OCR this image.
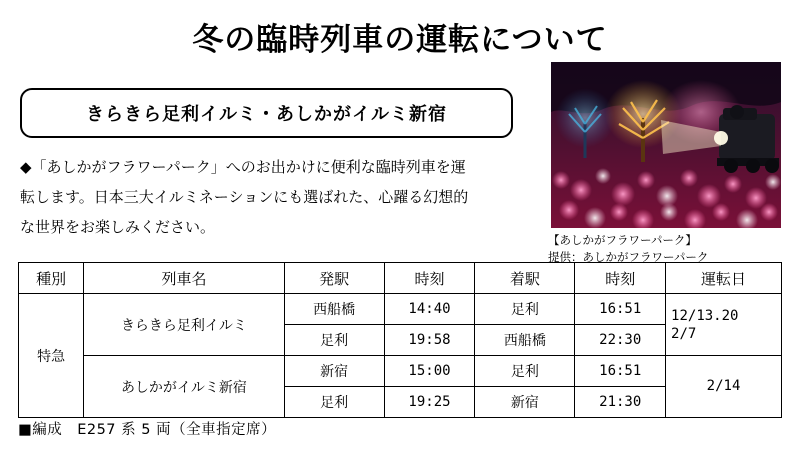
冬の臨時列車の運転について
きらきら足利イルミ・あしかがイルミ新宿
◆「あしかがフラワーパーク」へのお出かけに便利な臨時列車を運
転します。日本三大イルミネーションにも選ばれた、心躍る幻想的
な世界をお楽しみください。
【あしかがフラワーパーク】
提供：あしかがフラワーパーク
種別	列車名	発駅	時刻	着駅	時刻	運転日
特急	きらきら足利イルミ	西船橋	14:40	足利	16:51	12/13.20
2/7

		足利	19:58	西船橋	22:30	
	あしかがイルミ新宿	新宿	15:00	足利	16:51	2/14
		足利	19:25	新宿	21:30	
■編成　E257 系 5 両（全車指定席）
